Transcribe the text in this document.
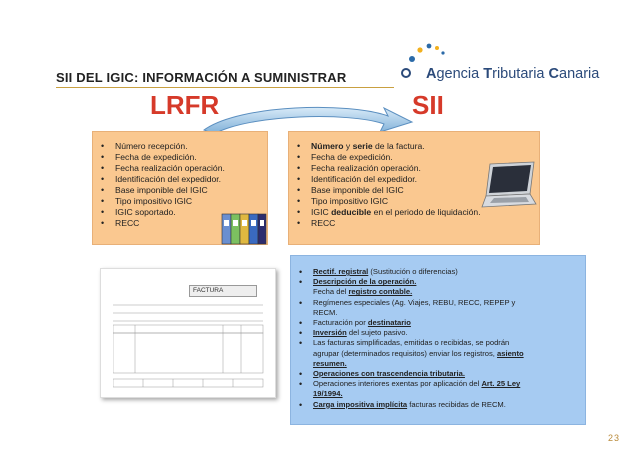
SII DEL IGIC: INFORMACIÓN A SUMINISTRAR	Agencia Tributaria Canaria
LRFR	SII
• Número recepción.
• Fecha de expedición.
• Fecha realización operación.
• Identificación del expedidor.
• Base imponible del IGIC
• Tipo impositivo IGIC
• IGIC soportado.
• RECC
• Número y serie de la factura.
• Fecha de expedición.
• Fecha realización operación.
• Identificación del expedidor.
• Base imponible del IGIC
• Tipo impositivo IGIC
• IGIC deducible en el periodo de liquidación.
• RECC
FACTURA
• Rectif. registral (Sustitución o diferencias)
• Descripción de la operación.
Fecha del registro contable.
• Regímenes especiales (Ag. Viajes, REBU, RECC, REPEP y
RECM.
• Facturación por destinatario
• Inversión del sujeto pasivo.
• Las facturas simplificadas, emitidas o recibidas, se podrán
agrupar (determinados requisitos) enviar los registros, asiento
resumen.
• Operaciones con trascendencia tributaria.
• Operaciones interiores exentas por aplicación del Art. 25 Ley
19/1994.
• Carga impositiva implícita facturas recibidas de RECM.
23
